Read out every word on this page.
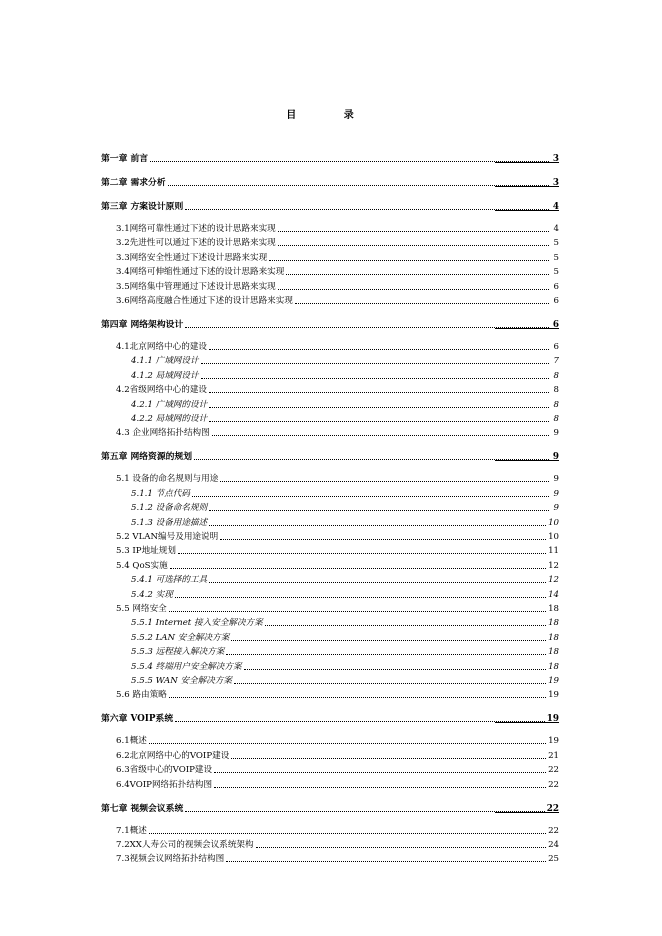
目 录
第一章 前言	3
第二章 需求分析	3
第三章 方案设计原则	4
3.1网络可靠性通过下述的设计思路来实现	4
3.2先进性可以通过下述的设计思路来实现	5
3.3网络安全性通过下述设计思路来实现	5
3.4网络可伸缩性通过下述的设计思路来实现	5
3.5网络集中管理通过下述设计思路来实现	6
3.6网络高度融合性通过下述的设计思路来实现	6
第四章 网络架构设计	6
4.1北京网络中心的建设	6
4.1.1 广域网设计	7
4.1.2 局域网设计	8
4.2省级网络中心的建设	8
4.2.1 广域网的设计	8
4.2.2 局域网的设计	8
4.3 企业网络拓扑结构图	9
第五章 网络资源的规划	9
5.1 设备的命名规则与用途	9
5.1.1 节点代码	9
5.1.2 设备命名规则	9
5.1.3 设备用途描述	10
5.2 VLAN编号及用途说明	10
5.3 IP地址规划	11
5.4 QoS实施	12
5.4.1 可选择的工具	12
5.4.2 实现	14
5.5 网络安全	18
5.5.1 Internet 接入安全解决方案	18
5.5.2 LAN 安全解决方案	18
5.5.3 远程接入解决方案	18
5.5.4 终端用户安全解决方案	18
5.5.5 WAN 安全解决方案	19
5.6 路由策略	19
第六章 VOIP系统	19
6.1概述	19
6.2北京网络中心的VOIP建设	21
6.3省级中心的VOIP建设	22
6.4VOIP网络拓扑结构图	22
第七章 视频会议系统	22
7.1概述	22
7.2XX人寿公司的视频会议系统架构	24
7.3视频会议网络拓扑结构图	25
